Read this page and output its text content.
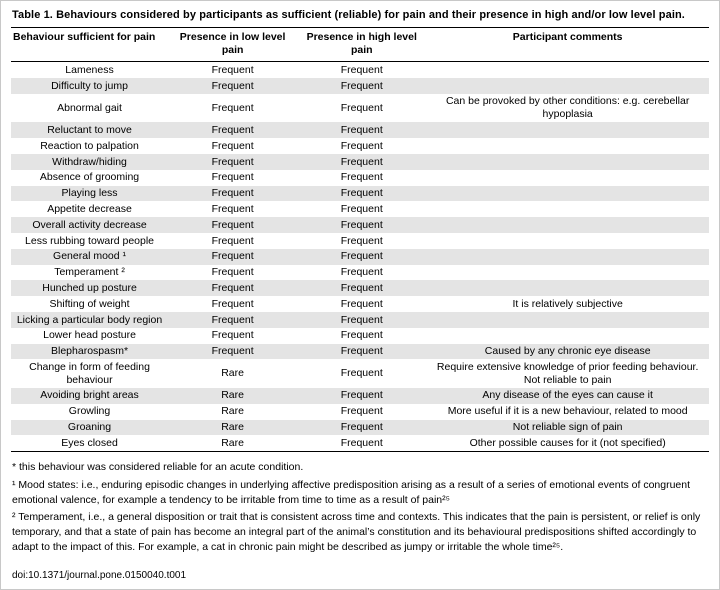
Table 1. Behaviours considered by participants as sufficient (reliable) for pain and their presence in high and/or low level pain.

Behaviour sufficient for pain	Presence in low level pain	Presence in high level pain	Participant comments
Lameness	Frequent	Frequent	
Difficulty to jump	Frequent	Frequent	
Abnormal gait	Frequent	Frequent	Can be provoked by other conditions: e.g. cerebellar hypoplasia
Reluctant to move	Frequent	Frequent	
Reaction to palpation	Frequent	Frequent	
Withdraw/hiding	Frequent	Frequent	
Absence of grooming	Frequent	Frequent	
Playing less	Frequent	Frequent	
Appetite decrease	Frequent	Frequent	
Overall activity decrease	Frequent	Frequent	
Less rubbing toward people	Frequent	Frequent	
General mood ¹	Frequent	Frequent	
Temperament ²	Frequent	Frequent	
Hunched up posture	Frequent	Frequent	
Shifting of weight	Frequent	Frequent	It is relatively subjective
Licking a particular body region	Frequent	Frequent	
Lower head posture	Frequent	Frequent	
Blepharospasm*	Frequent	Frequent	Caused by any chronic eye disease
Change in form of feeding behaviour	Rare	Frequent	Require extensive knowledge of prior feeding behaviour. Not reliable to pain
Avoiding bright areas	Rare	Frequent	Any disease of the eyes can cause it
Growling	Rare	Frequent	More useful if it is a new behaviour, related to mood
Groaning	Rare	Frequent	Not reliable sign of pain
Eyes closed	Rare	Frequent	Other possible causes for it (not specified)

* this behaviour was considered reliable for an acute condition.

¹ Mood states: i.e., enduring episodic changes in underlying affective predisposition arising as a result of a series of emotional events of congruent emotional valence, for example a tendency to be irritable from time to time as a result of pain²⁵

² Temperament, i.e., a general disposition or trait that is consistent across time and contexts. This indicates that the pain is persistent, or relief is only temporary, and that a state of pain has become an integral part of the animal’s constitution and its behavioural predispositions shifted accordingly to adapt to the impact of this. For example, a cat in chronic pain might be described as jumpy or irritable the whole time²⁵.

doi:10.1371/journal.pone.0150040.t001
